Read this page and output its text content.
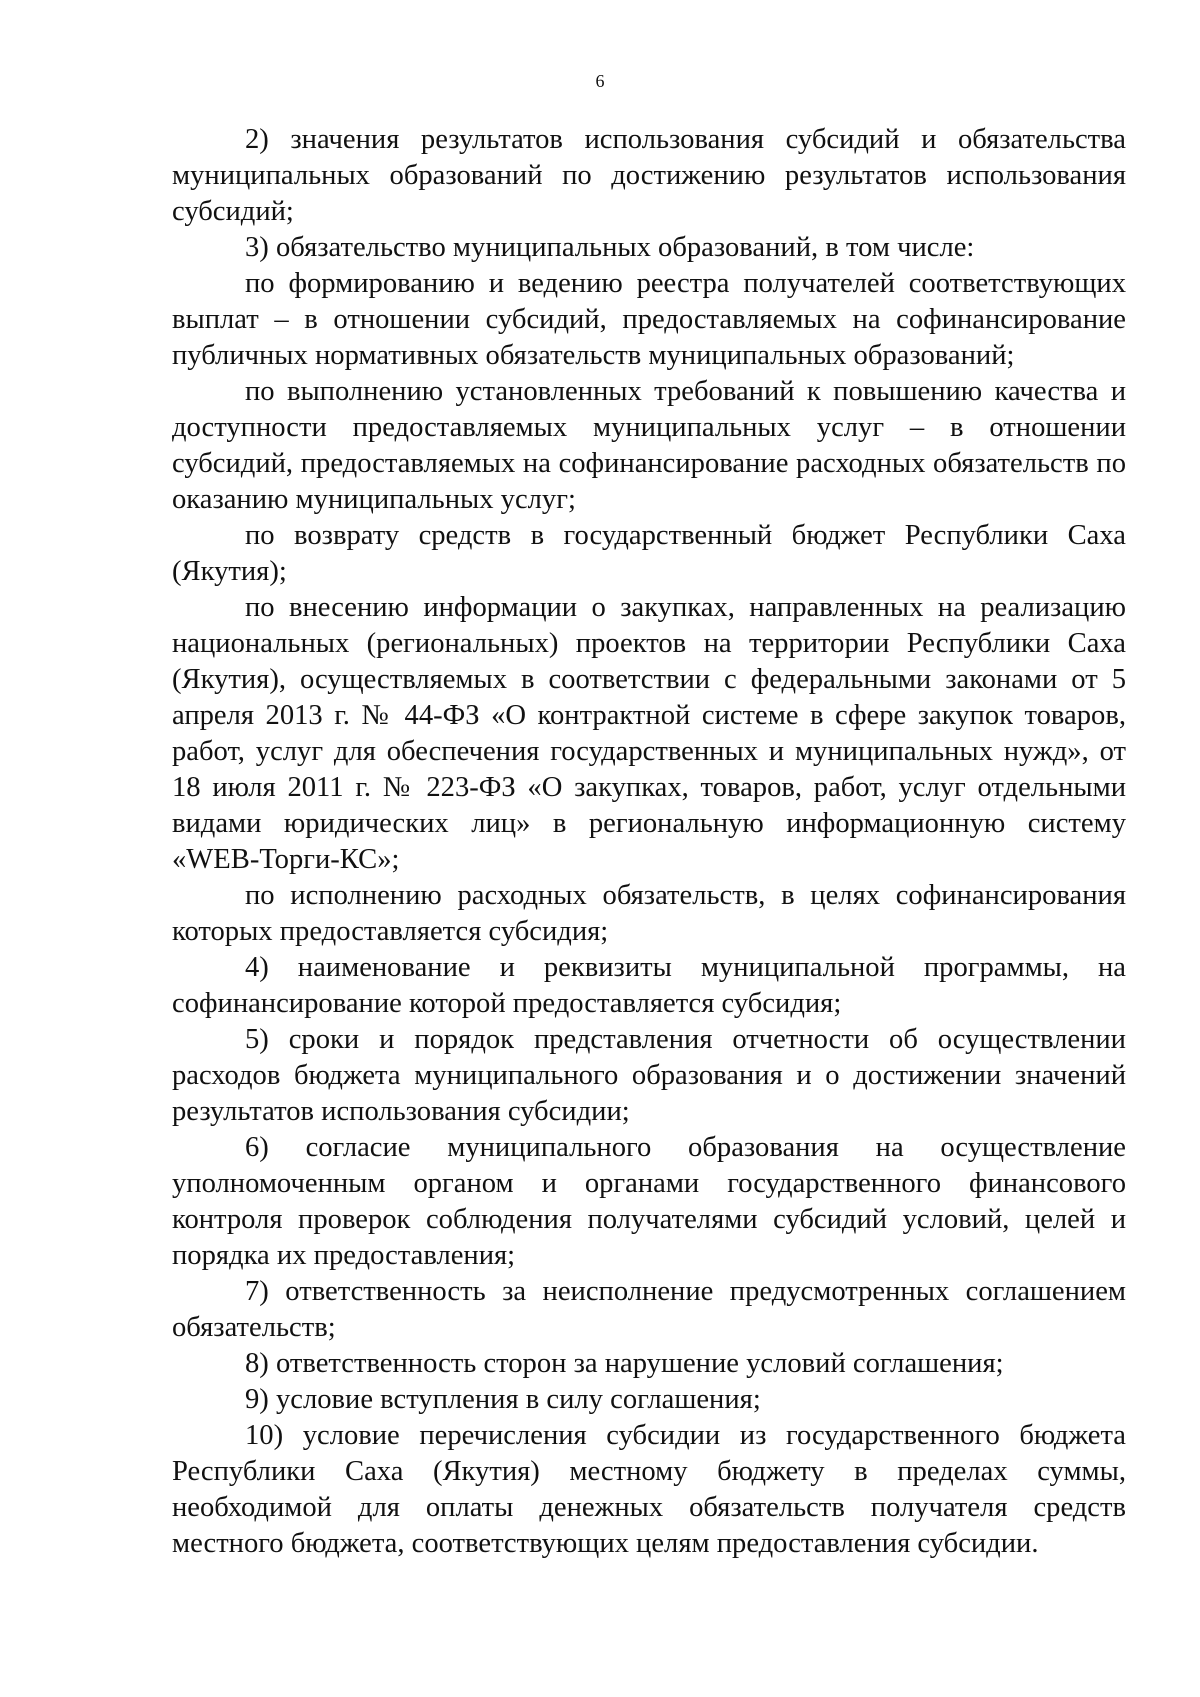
6

2) значения результатов использования субсидий и обязательства муниципальных образований по достижению результатов использования субсидий;

3) обязательство муниципальных образований, в том числе:

по формированию и ведению реестра получателей соответствующих выплат – в отношении субсидий, предоставляемых на софинансирование публичных нормативных обязательств муниципальных образований;

по выполнению установленных требований к повышению качества и доступности предоставляемых муниципальных услуг – в отношении субсидий, предоставляемых на софинансирование расходных обязательств по оказанию муниципальных услуг;

по возврату средств в государственный бюджет Республики Саха (Якутия);

по внесению информации о закупках, направленных на реализацию национальных (региональных) проектов на территории Республики Саха (Якутия), осуществляемых в соответствии с федеральными законами от 5 апреля 2013 г. № 44-ФЗ «О контрактной системе в сфере закупок товаров, работ, услуг для обеспечения государственных и муниципальных нужд», от 18 июля 2011 г. № 223-ФЗ «О закупках, товаров, работ, услуг отдельными видами юридических лиц» в региональную информационную систему «WEB-Торги-КС»;

по исполнению расходных обязательств, в целях софинансирования которых предоставляется субсидия;

4) наименование и реквизиты муниципальной программы, на софинансирование которой предоставляется субсидия;

5) сроки и порядок представления отчетности об осуществлении расходов бюджета муниципального образования и о достижении значений результатов использования субсидии;

6) согласие муниципального образования на осуществление уполномоченным органом и органами государственного финансового контроля проверок соблюдения получателями субсидий условий, целей и порядка их предоставления;

7) ответственность за неисполнение предусмотренных соглашением обязательств;

8) ответственность сторон за нарушение условий соглашения;

9) условие вступления в силу соглашения;

10) условие перечисления субсидии из государственного бюджета Республики Саха (Якутия) местному бюджету в пределах суммы, необходимой для оплаты денежных обязательств получателя средств местного бюджета, соответствующих целям предоставления субсидии.
